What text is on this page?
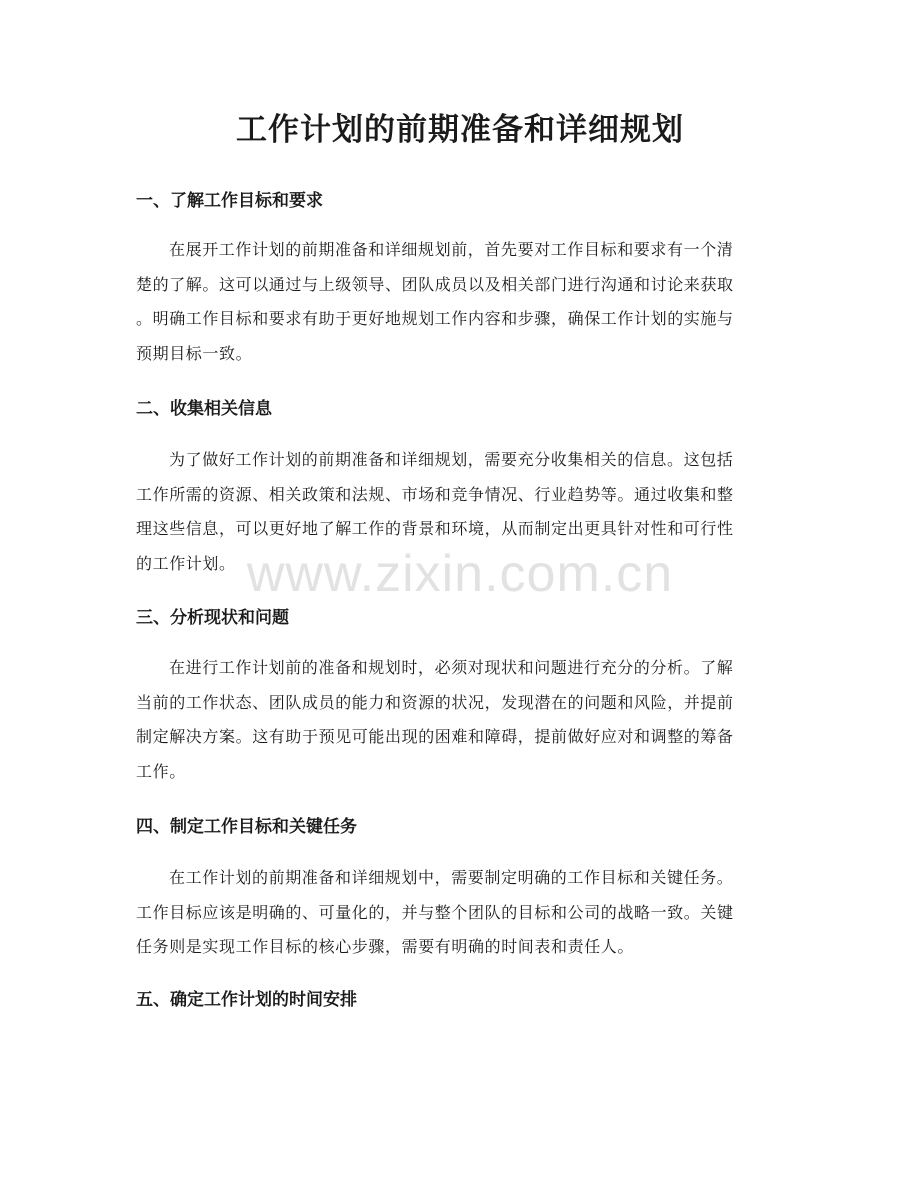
工作计划的前期准备和详细规划
一、了解工作目标和要求
在展开工作计划的前期准备和详细规划前，首先要对工作目标和要求有一个清
楚的了解。这可以通过与上级领导、团队成员以及相关部门进行沟通和讨论来获取
。明确工作目标和要求有助于更好地规划工作内容和步骤，确保工作计划的实施与
预期目标一致。
二、收集相关信息
为了做好工作计划的前期准备和详细规划，需要充分收集相关的信息。这包括
工作所需的资源、相关政策和法规、市场和竞争情况、行业趋势等。通过收集和整
理这些信息，可以更好地了解工作的背景和环境，从而制定出更具针对性和可行性
的工作计划。
三、分析现状和问题
在进行工作计划前的准备和规划时，必须对现状和问题进行充分的分析。了解
当前的工作状态、团队成员的能力和资源的状况，发现潜在的问题和风险，并提前
制定解决方案。这有助于预见可能出现的困难和障碍，提前做好应对和调整的筹备
工作。
四、制定工作目标和关键任务
在工作计划的前期准备和详细规划中，需要制定明确的工作目标和关键任务。
工作目标应该是明确的、可量化的，并与整个团队的目标和公司的战略一致。关键
任务则是实现工作目标的核心步骤，需要有明确的时间表和责任人。
五、确定工作计划的时间安排
www.zixin.com.cn
